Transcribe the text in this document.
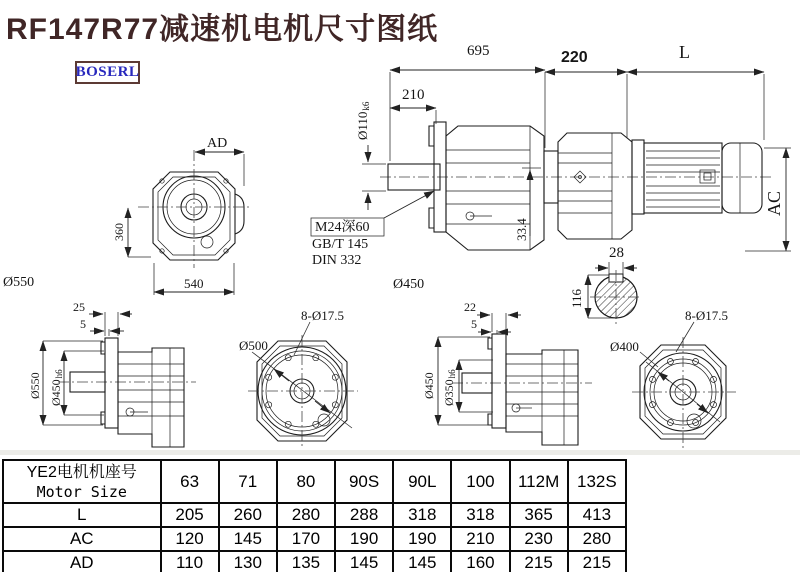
RF147R77减速机电机尺寸图纸
BOSERL
AD
360
540
695	220	L
210
$Ø110_{k6}$
33.4
AC
M24深60
GB/T 145
DIN 332	28
116
Ø550
25
5
Ø550 $Ø450_{h6}$
8-Ø17.5
Ø500
Ø450
22
5
Ø450 $Ø350_{h6}$
8-Ø17.5
Ø400
YE2电机机座号
Motor Size	63	71	80	90S	90L	100	112M	132S
L	205	260	280	288	318	318	365	413
AC	120	145	170	190	190	210	230	280
AD	110	130	135	145	145	160	215	215
